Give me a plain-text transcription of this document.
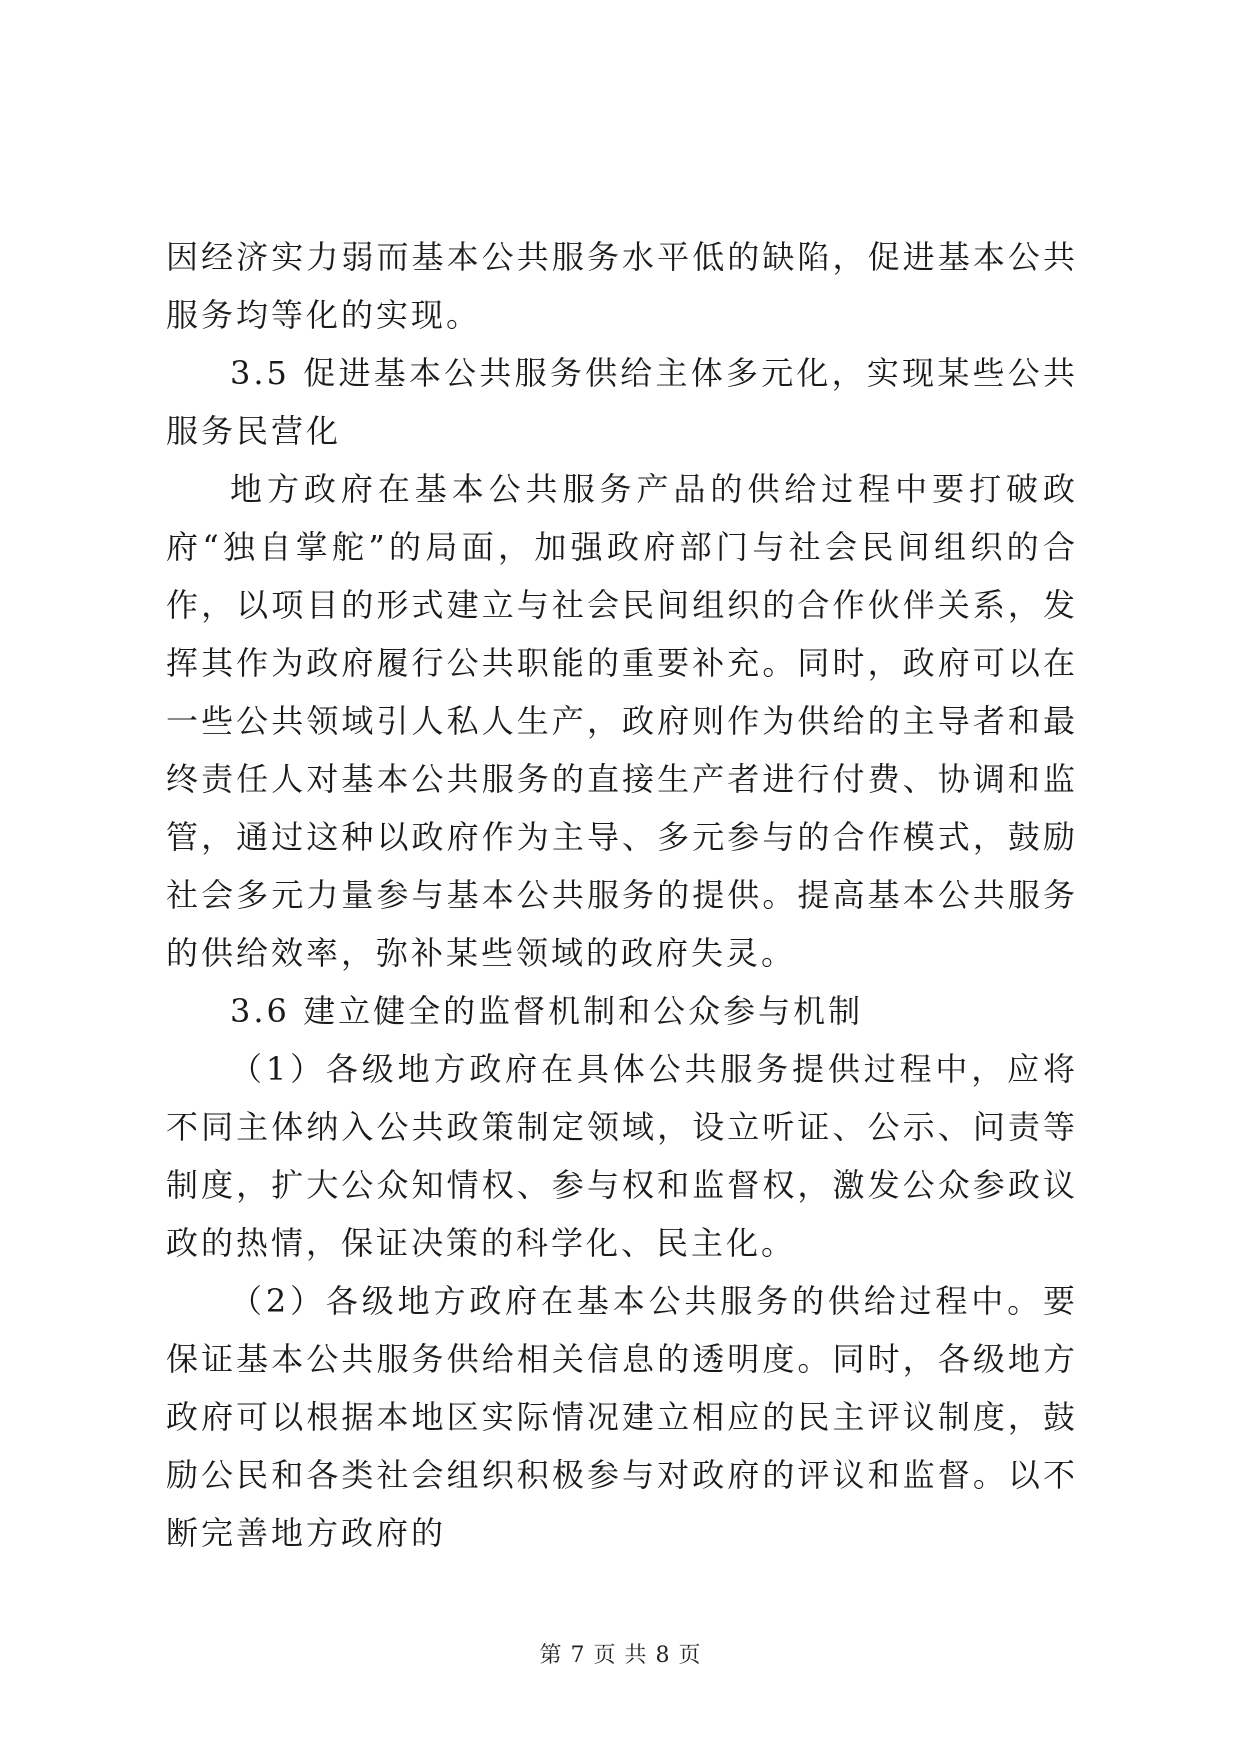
因经济实力弱而基本公共服务水平低的缺陷，促进基本公共服务均等化的实现。

3.5 促进基本公共服务供给主体多元化，实现某些公共服务民营化

地方政府在基本公共服务产品的供给过程中要打破政府“独自掌舵”的局面，加强政府部门与社会民间组织的合作，以项目的形式建立与社会民间组织的合作伙伴关系，发挥其作为政府履行公共职能的重要补充。同时，政府可以在一些公共领域引人私人生产，政府则作为供给的主导者和最终责任人对基本公共服务的直接生产者进行付费、协调和监管，通过这种以政府作为主导、多元参与的合作模式，鼓励社会多元力量参与基本公共服务的提供。提高基本公共服务的供给效率，弥补某些领域的政府失灵。

3.6 建立健全的监督机制和公众参与机制

（1）各级地方政府在具体公共服务提供过程中，应将不同主体纳入公共政策制定领域，设立听证、公示、问责等制度，扩大公众知情权、参与权和监督权，激发公众参政议政的热情，保证决策的科学化、民主化。

（2）各级地方政府在基本公共服务的供给过程中。要保证基本公共服务供给相关信息的透明度。同时，各级地方政府可以根据本地区实际情况建立相应的民主评议制度，鼓励公民和各类社会组织积极参与对政府的评议和监督。以不断完善地方政府的

第 7 页 共 8 页
